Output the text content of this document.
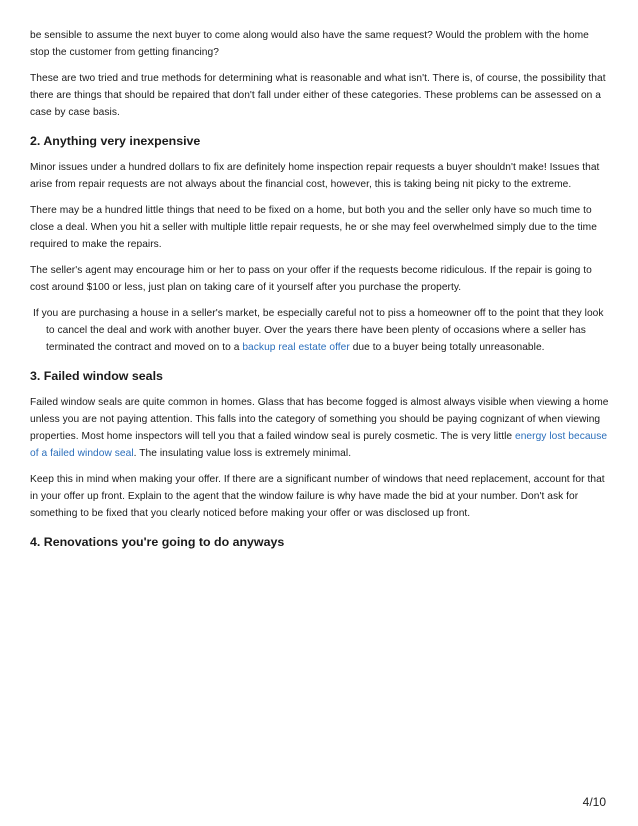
be sensible to assume the next buyer to come along would also have the same request? Would the problem with the home stop the customer from getting financing?

These are two tried and true methods for determining what is reasonable and what isn't. There is, of course, the possibility that there are things that should be repaired that don't fall under either of these categories. These problems can be assessed on a case by case basis.

2. Anything very inexpensive

Minor issues under a hundred dollars to fix are definitely home inspection repair requests a buyer shouldn't make! Issues that arise from repair requests are not always about the financial cost, however, this is taking being nit picky to the extreme.

There may be a hundred little things that need to be fixed on a home, but both you and the seller only have so much time to close a deal. When you hit a seller with multiple little repair requests, he or she may feel overwhelmed simply due to the time required to make the repairs.

The seller's agent may encourage him or her to pass on your offer if the requests become ridiculous. If the repair is going to cost around $100 or less, just plan on taking care of it yourself after you purchase the property.

If you are purchasing a house in a seller's market, be especially careful not to piss a homeowner off to the point that they look to cancel the deal and work with another buyer. Over the years there have been plenty of occasions where a seller has terminated the contract and moved on to a backup real estate offer due to a buyer being totally unreasonable.

3. Failed window seals

Failed window seals are quite common in homes. Glass that has become fogged is almost always visible when viewing a home unless you are not paying attention. This falls into the category of something you should be paying cognizant of when viewing properties. Most home inspectors will tell you that a failed window seal is purely cosmetic. The is very little energy lost because of a failed window seal. The insulating value loss is extremely minimal.

Keep this in mind when making your offer. If there are a significant number of windows that need replacement, account for that in your offer up front. Explain to the agent that the window failure is why have made the bid at your number. Don't ask for something to be fixed that you clearly noticed before making your offer or was disclosed up front.

4. Renovations you're going to do anyways
4/10
